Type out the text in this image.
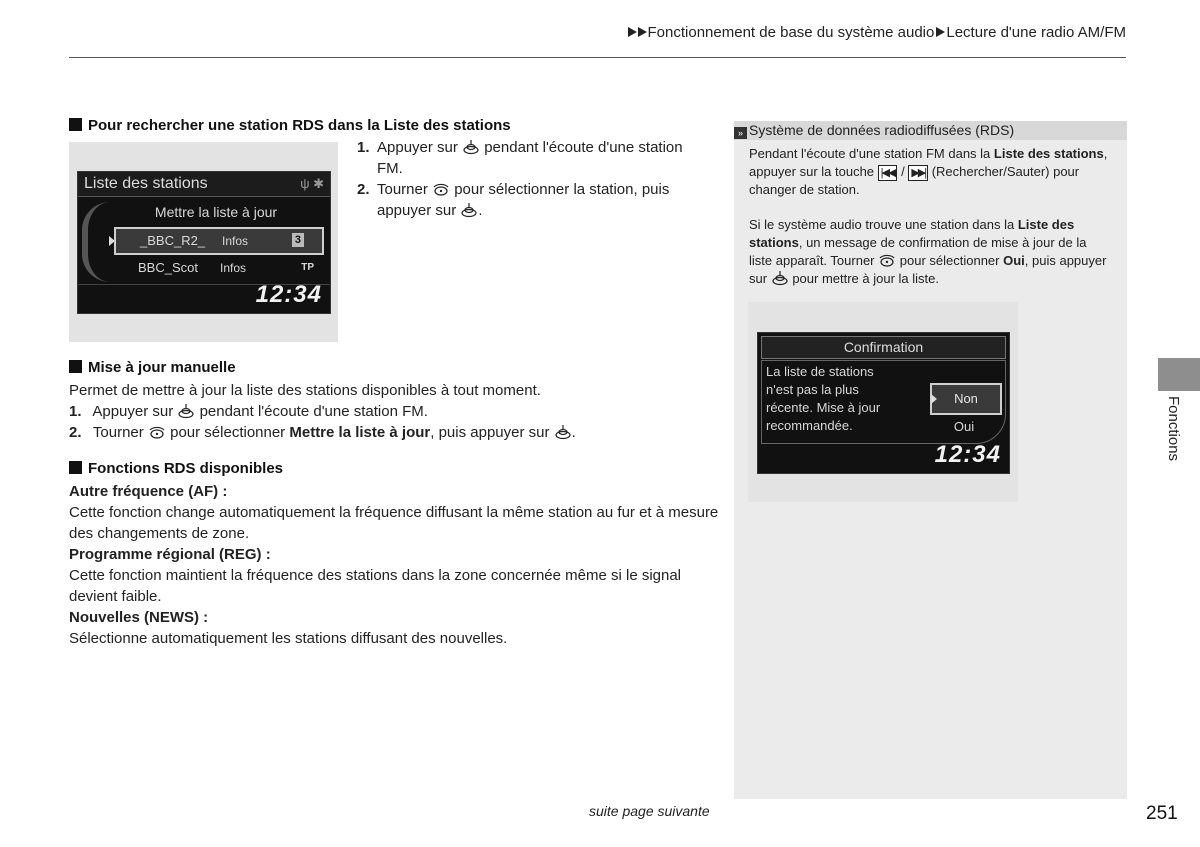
Fonctionnement de base du système audio Lecture d'une radio AM/FM
Pour rechercher une station RDS dans la Liste des stations
Liste des stations	ψ ✱
Mettre la liste à jour
_BBC_R2_ Infos	3
BBC_Scot Infos	TP
12:34
1. Appuyer sur pendant l'écoute d'une station FM.
2. Tourner pour sélectionner la station, puis appuyer sur .
Mise à jour manuelle
Permet de mettre à jour la liste des stations disponibles à tout moment.
1. Appuyer sur pendant l'écoute d'une station FM.
2. Tourner pour sélectionner Mettre la liste à jour, puis appuyer sur .
Fonctions RDS disponibles
Autre fréquence (AF) :
Cette fonction change automatiquement la fréquence diffusant la même station au fur et à mesure des changements de zone.
Programme régional (REG) :
Cette fonction maintient la fréquence des stations dans la zone concernée même si le signal devient faible.
Nouvelles (NEWS) :
Sélectionne automatiquement les stations diffusant des nouvelles.
» Système de données radiodiffusées (RDS)
Pendant l'écoute d'une station FM dans la Liste des stations, appuyer sur la touche |◀◀ / ▶▶| (Rechercher/Sauter) pour changer de station.
Si le système audio trouve une station dans la Liste des stations, un message de confirmation de mise à jour de la liste apparaît. Tourner pour sélectionner Oui, puis appuyer sur pour mettre à jour la liste.
Confirmation
La liste de stations
n'est pas la plus
récente. Mise à jour
recommandée.
Non
Oui
12:34	Fonctions
suite page suivante	251
